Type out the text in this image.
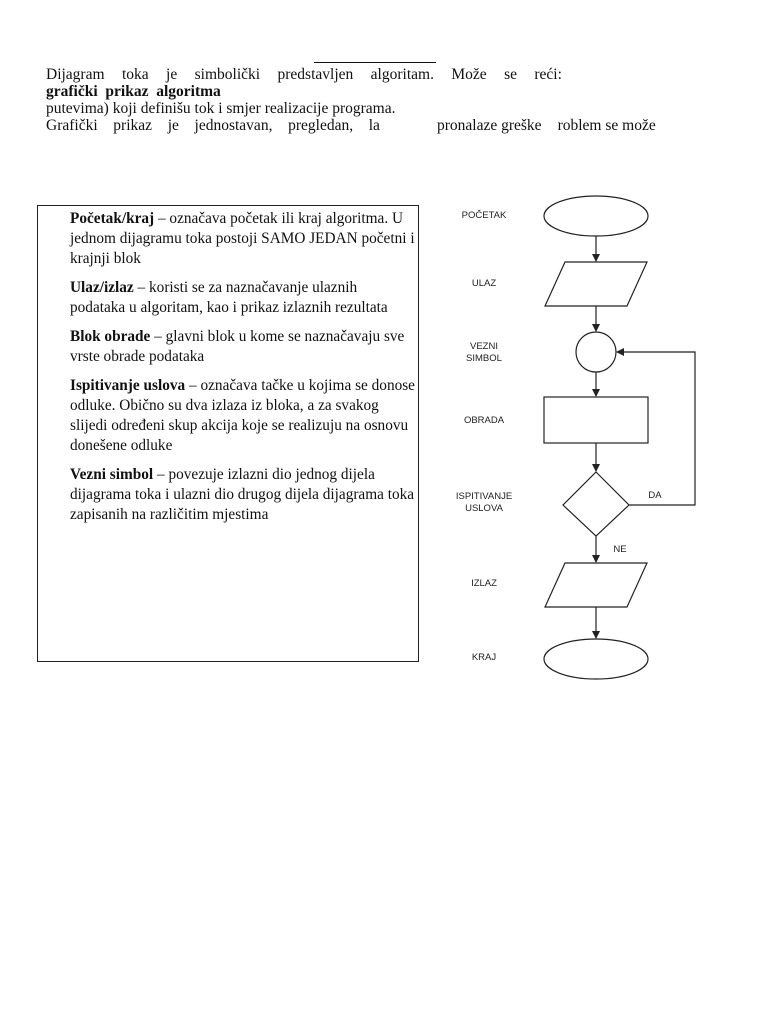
Dijagram toka je simbolički predstavljen algoritam. Može se reći:
grafički  prikaz  algoritma
putevima) koji definišu tok i smjer realizacije programa.
Grafički prikaz je jednostavan, pregledan, la	pronalaze greške roblem se može
Početak/kraj – označava početak ili kraj algoritma. U jednom dijagramu toka postoji SAMO JEDAN početni i krajnji blok
Ulaz/izlaz – koristi se za naznačavanje ulaznih podataka u algoritam, kao i prikaz izlaznih rezultata
Blok obrade – glavni blok u kome se naznačavaju sve vrste obrade podataka
Ispitivanje uslova – označava tačke u kojima se donose odluke. Obično su dva izlaza iz bloka, a za svakog slijedi određeni skup akcija koje se realizuju na osnovu donešene odluke
Vezni simbol – povezuje izlazni dio jednog dijela dijagrama toka i ulazni dio drugog dijela dijagrama toka zapisanih na različitim mjestima
POČETAK
ULAZ
VEZNI
SIMBOL
OBRADA
ISPITIVANJE
USLOVA
IZLAZ
KRAJ
DA
NE
